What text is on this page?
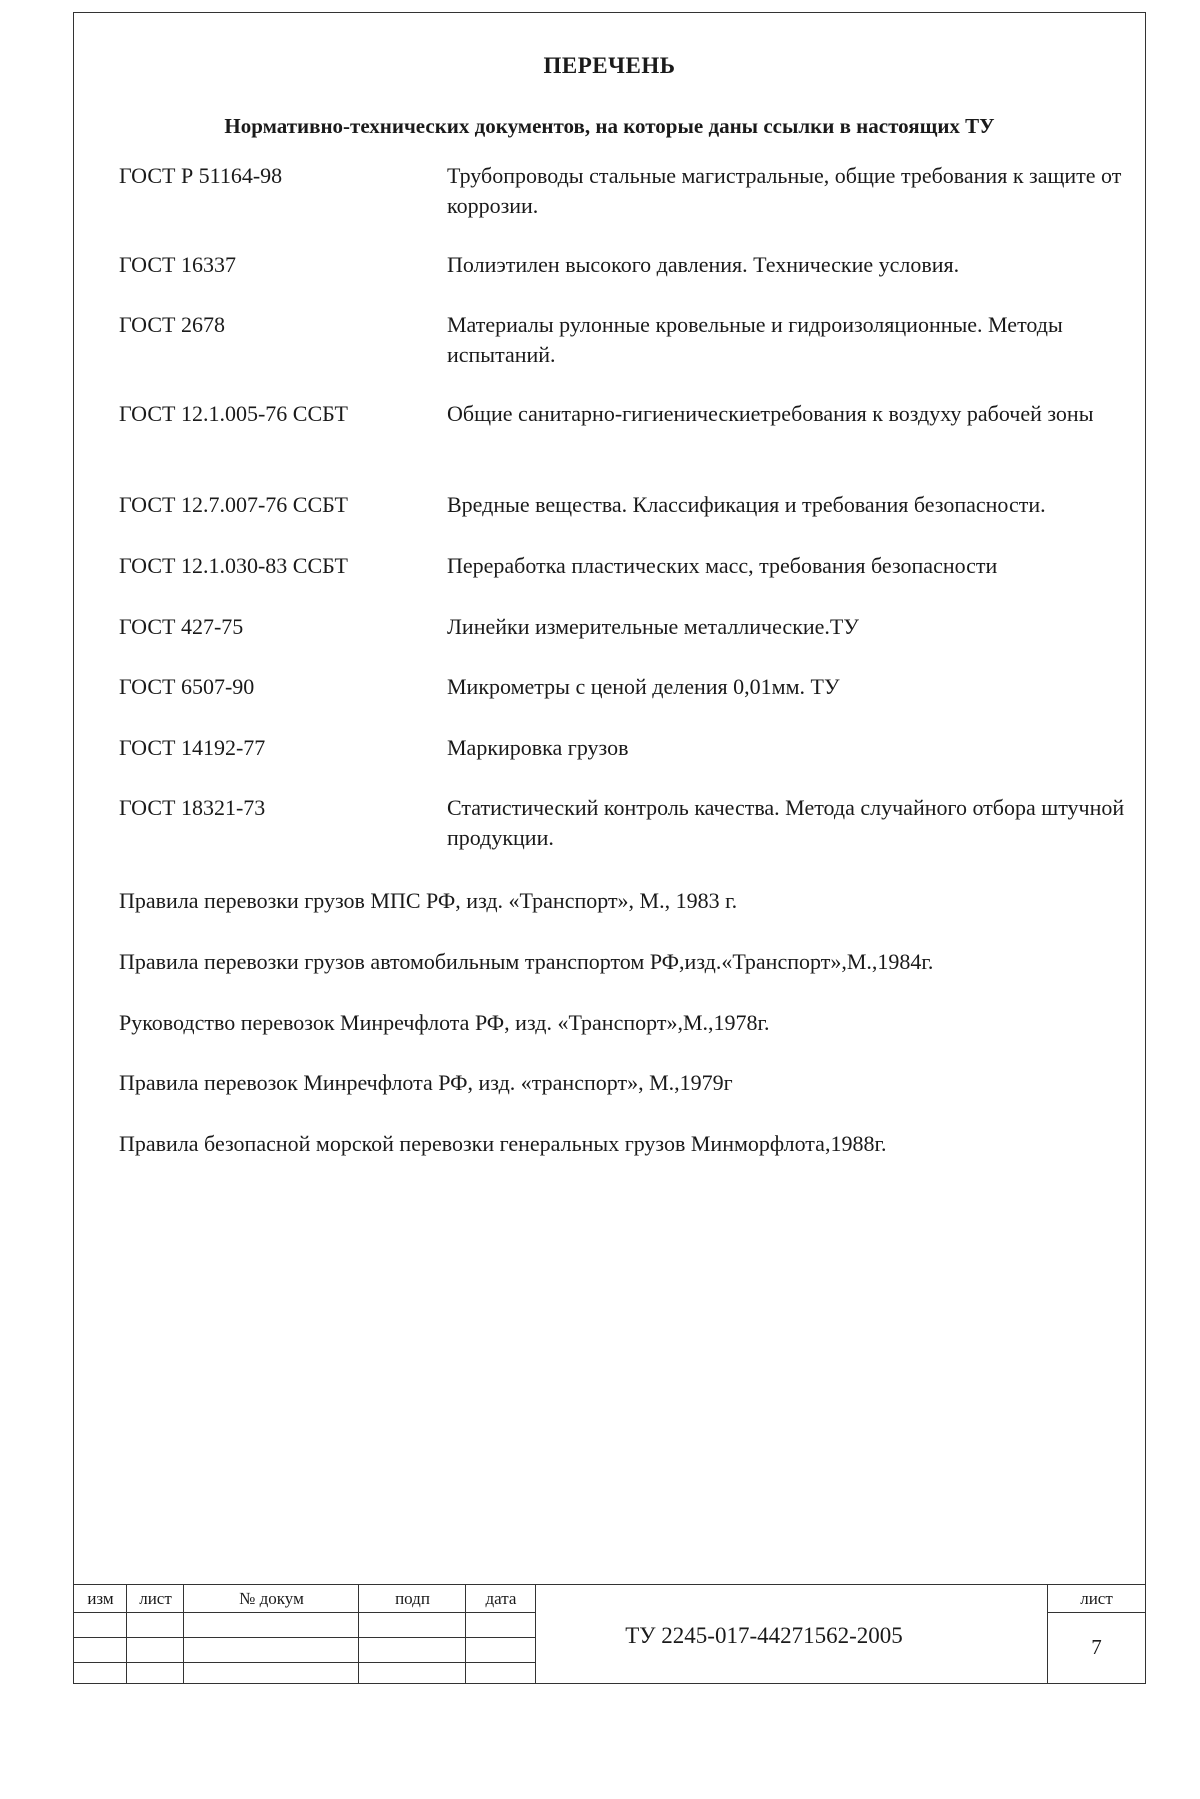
ПЕРЕЧЕНЬ
Нормативно-технических документов, на которые даны ссылки в настоящих ТУ
ГОСТ Р 51164-98	Трубопроводы стальные магистральные, общие требования к защите от коррозии.
ГОСТ 16337	Полиэтилен высокого давления. Технические условия.
ГОСТ 2678	Материалы рулонные кровельные и гидроизоляционные. Методы испытаний.
ГОСТ 12.1.005-76 ССБТ	Общие санитарно-гигиеническиетребования к воздуху рабочей зоны
ГОСТ 12.7.007-76 ССБТ	Вредные вещества. Классификация и требования безопасности.
ГОСТ 12.1.030-83 ССБТ	Переработка пластических масс, требования безопасности
ГОСТ 427-75	Линейки измерительные металлические.ТУ
ГОСТ 6507-90	Микрометры с ценой деления 0,01мм. ТУ
ГОСТ 14192-77	Маркировка грузов
ГОСТ 18321-73	Статистический контроль качества. Метода случайного отбора штучной продукции.
Правила перевозки грузов МПС РФ, изд. «Транспорт», М., 1983 г.
Правила перевозки грузов автомобильным транспортом РФ,изд.«Транспорт»,М.,1984г.
Руководство перевозок Минречфлота РФ, изд. «Транспорт»,М.,1978г.
Правила перевозок Минречфлота РФ, изд. «транспорт», М.,1979г
Правила безопасной морской перевозки генеральных грузов Минморфлота,1988г.
изм	лист	№ докум	подп	дата
ТУ 2245-017-44271562-2005
лист
7
